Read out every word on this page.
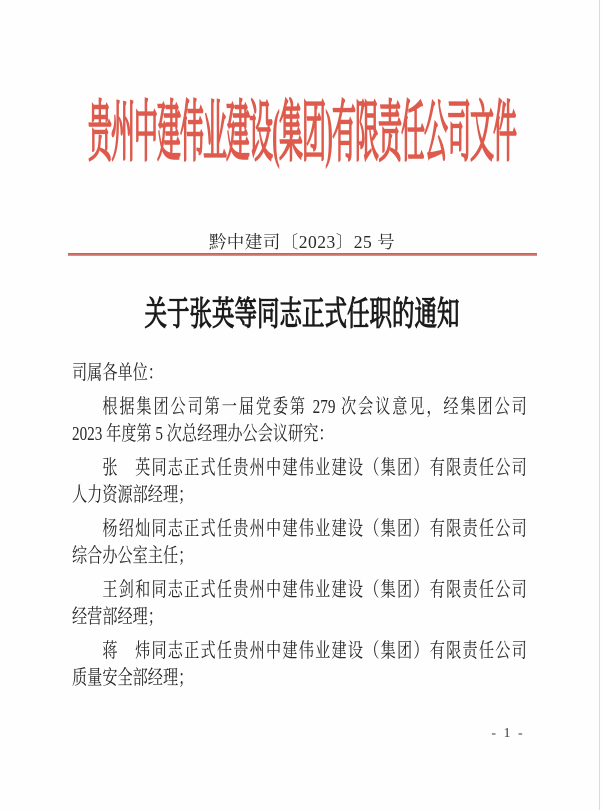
贵州中建伟业建设(集团)有限责任公司文件
黔中建司〔2023〕25 号
关于张英等同志正式任职的通知

司属各单位：

根据集团公司第一届党委第 279 次会议意见，经集团公司
2023 年度第 5 次总经理办公会议研究：

张　英同志正式任贵州中建伟业建设（集团）有限责任公司
人力资源部经理；

杨绍灿同志正式任贵州中建伟业建设（集团）有限责任公司
综合办公室主任；

王剑和同志正式任贵州中建伟业建设（集团）有限责任公司
经营部经理；

蒋　炜同志正式任贵州中建伟业建设（集团）有限责任公司
质量安全部经理；

- 1 -
